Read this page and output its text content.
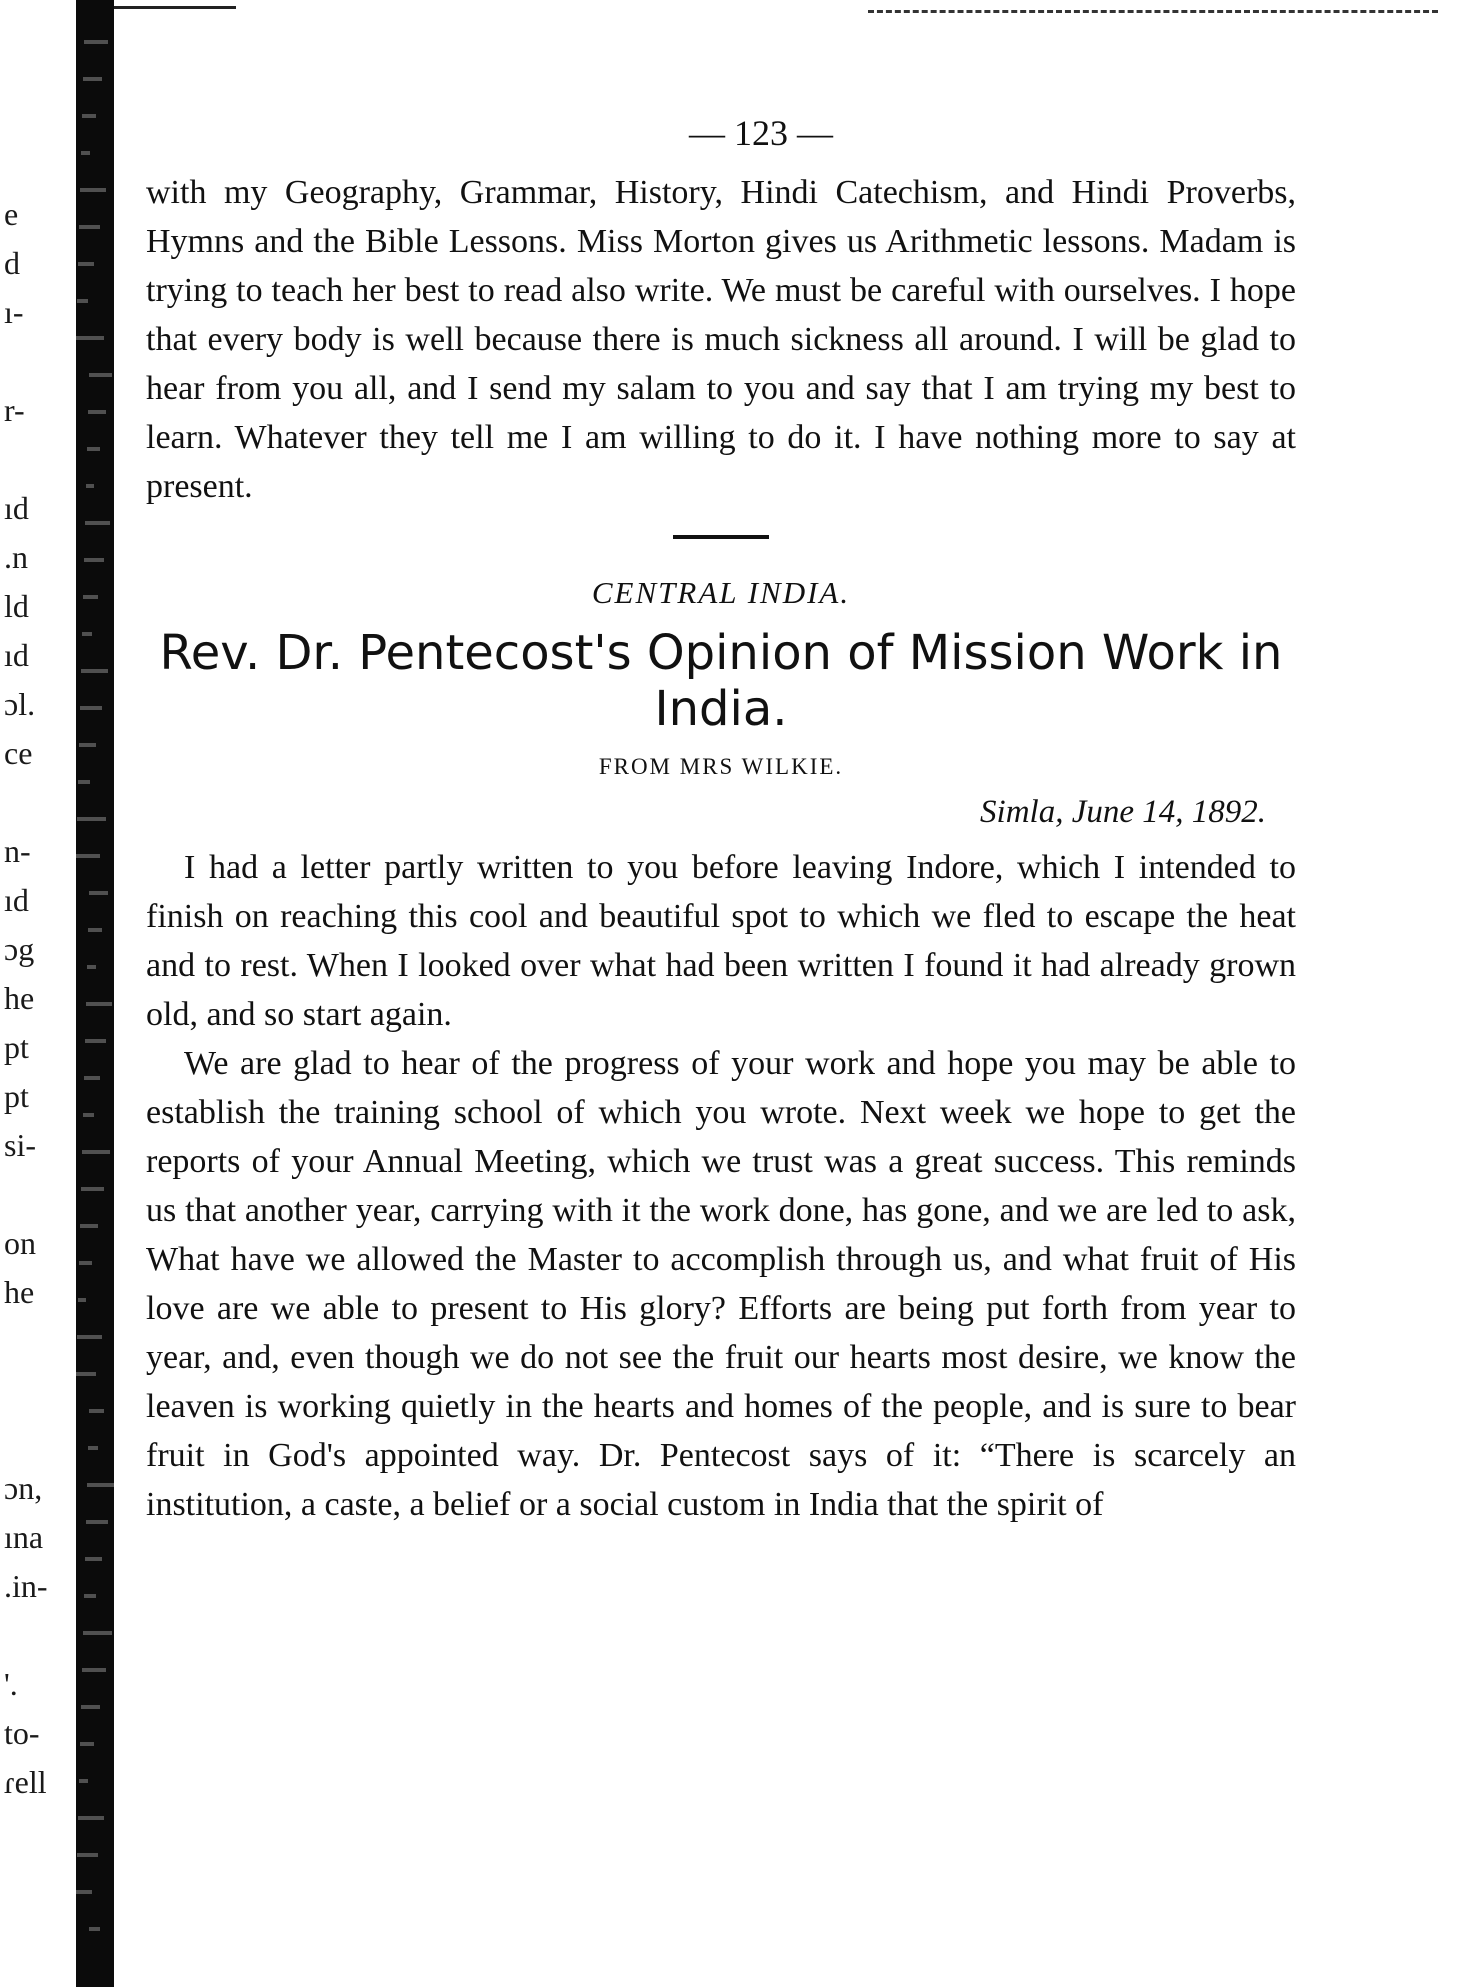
e
d
ı-
r-
ıd
.n
ld
ıd
ɔl.
ce
n-
ıd
ɔg
he
pt
pt
si-
on
he
ɔn,
ına
.in-
'.
to-
ɾell
— 123 —

with my Geography, Grammar, History, Hindi Catechism, and Hindi Proverbs, Hymns and the Bible Lessons. Miss Morton gives us Arithmetic lessons. Madam is trying to teach her best to read also write. We must be careful with ourselves. I hope that every body is well because there is much sickness all around. I will be glad to hear from you all, and I send my salam to you and say that I am trying my best to learn. Whatever they tell me I am willing to do it. I have nothing more to say at present.

CENTRAL INDIA.

Rev. Dr. Pentecost's Opinion of Mission Work in India.

FROM MRS WILKIE.

Simla, June 14, 1892.

I had a letter partly written to you before leaving Indore, which I intended to finish on reaching this cool and beautiful spot to which we fled to escape the heat and to rest. When I looked over what had been written I found it had already grown old, and so start again.

We are glad to hear of the progress of your work and hope you may be able to establish the training school of which you wrote. Next week we hope to get the reports of your Annual Meeting, which we trust was a great success. This reminds us that another year, carrying with it the work done, has gone, and we are led to ask, What have we allowed the Master to accomplish through us, and what fruit of His love are we able to present to His glory? Efforts are being put forth from year to year, and, even though we do not see the fruit our hearts most desire, we know the leaven is working quietly in the hearts and homes of the people, and is sure to bear fruit in God's appointed way. Dr. Pentecost says of it: “There is scarcely an institution, a caste, a belief or a social custom in India that the spirit of
